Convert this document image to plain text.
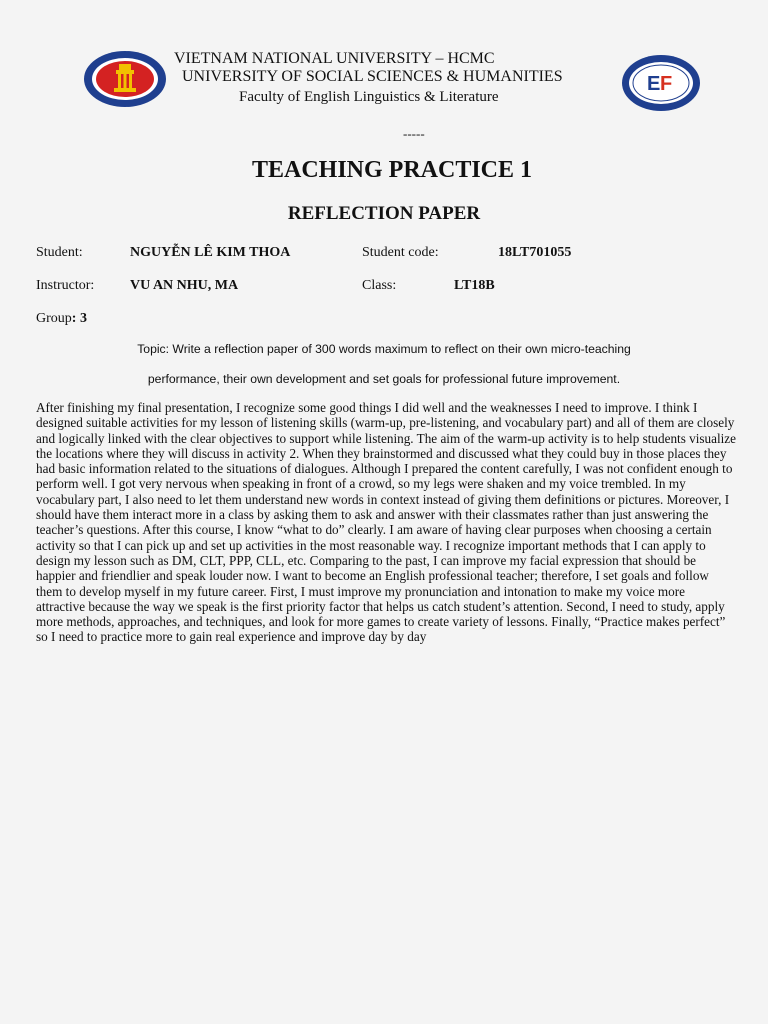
E F
VIETNAM NATIONAL UNIVERSITY – HCMC
UNIVERSITY OF SOCIAL SCIENCES & HUMANITIES
Faculty of English Linguistics & Literature
-----
TEACHING PRACTICE 1
REFLECTION PAPER
Student:	NGUYỄN LÊ KIM THOA	Student code:	18LT701055
Instructor:	VU AN NHU, MA	Class:	LT18B
Group: 3
Topic: Write a reflection paper of 300 words maximum to reflect on their own micro-teaching
performance, their own development and set goals for professional future improvement.
After finishing my final presentation, I recognize some good things I did well and the weaknesses I need to improve. I think I designed suitable activities for my lesson of listening skills (warm-up, pre-listening, and vocabulary part) and all of them are closely and logically linked with the clear objectives to support while listening. The aim of the warm-up activity is to help students visualize the locations where they will discuss in activity 2. When they brainstormed and discussed what they could buy in those places they had basic information related to the situations of dialogues. Although I prepared the content carefully, I was not confident enough to perform well. I got very nervous when speaking in front of a crowd, so my legs were shaken and my voice trembled. In my vocabulary part, I also need to let them understand new words in context instead of giving them definitions or pictures. Moreover, I should have them interact more in a class by asking them to ask and answer with their classmates rather than just answering the teacher’s questions. After this course, I know “what to do” clearly. I am aware of having clear purposes when choosing a certain activity so that I can pick up and set up activities in the most reasonable way. I recognize important methods that I can apply to design my lesson such as DM, CLT, PPP, CLL, etc. Comparing to the past, I can improve my facial expression that should be happier and friendlier and speak louder now. I want to become an English professional teacher; therefore, I set goals and follow them to develop myself in my future career. First, I must improve my pronunciation and intonation to make my voice more attractive because the way we speak is the first priority factor that helps us catch student’s attention. Second, I need to study, apply more methods, approaches, and techniques, and look for more games to create variety of lessons. Finally, “Practice makes perfect” so I need to practice more to gain real experience and improve day by day
